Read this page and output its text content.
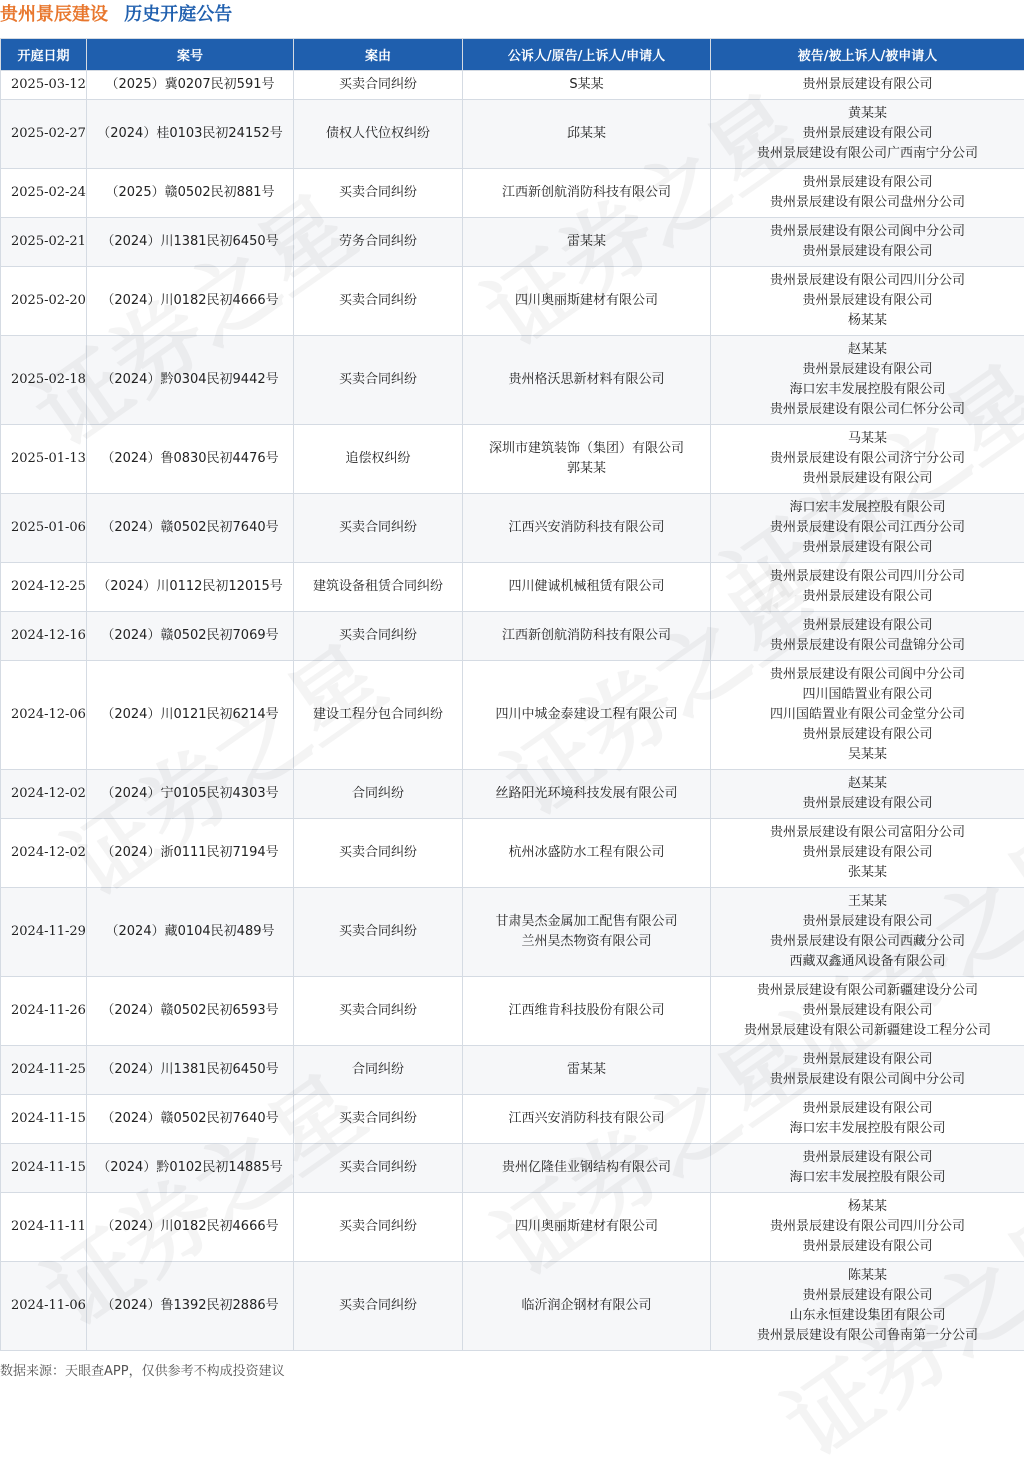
贵州景辰建设 历史开庭公告
开庭日期	案号	案由	公诉人/原告/上诉人/申请人	被告/被上诉人/被申请人
2025-03-12	（2025）冀0207民初591号	买卖合同纠纷	S某某	贵州景辰建设有限公司

2025-02-27	（2024）桂0103民初24152号	债权人代位权纠纷	邱某某	黄某某
贵州景辰建设有限公司
贵州景辰建设有限公司广西南宁分公司

2025-02-24	（2025）赣0502民初881号	买卖合同纠纷	江西新创航消防科技有限公司	贵州景辰建设有限公司
贵州景辰建设有限公司盘州分公司

2025-02-21	（2024）川1381民初6450号	劳务合同纠纷	雷某某	贵州景辰建设有限公司阆中分公司
贵州景辰建设有限公司

2025-02-20	（2024）川0182民初4666号	买卖合同纠纷	四川奥丽斯建材有限公司	贵州景辰建设有限公司四川分公司
贵州景辰建设有限公司
杨某某

2025-02-18	（2024）黔0304民初9442号	买卖合同纠纷	贵州格沃思新材料有限公司	赵某某
贵州景辰建设有限公司
海口宏丰发展控股有限公司
贵州景辰建设有限公司仁怀分公司

2025-01-13	（2024）鲁0830民初4476号	追偿权纠纷	深圳市建筑装饰（集团）有限公司
郭某某	马某某
贵州景辰建设有限公司济宁分公司
贵州景辰建设有限公司

2025-01-06	（2024）赣0502民初7640号	买卖合同纠纷	江西兴安消防科技有限公司	海口宏丰发展控股有限公司
贵州景辰建设有限公司江西分公司
贵州景辰建设有限公司

2024-12-25	（2024）川0112民初12015号	建筑设备租赁合同纠纷	四川健诚机械租赁有限公司	贵州景辰建设有限公司四川分公司
贵州景辰建设有限公司

2024-12-16	（2024）赣0502民初7069号	买卖合同纠纷	江西新创航消防科技有限公司	贵州景辰建设有限公司
贵州景辰建设有限公司盘锦分公司

2024-12-06	（2024）川0121民初6214号	建设工程分包合同纠纷	四川中城金泰建设工程有限公司	贵州景辰建设有限公司阆中分公司
四川国皓置业有限公司
四川国皓置业有限公司金堂分公司
贵州景辰建设有限公司
吴某某

2024-12-02	（2024）宁0105民初4303号	合同纠纷	丝路阳光环境科技发展有限公司	赵某某
贵州景辰建设有限公司

2024-12-02	（2024）浙0111民初7194号	买卖合同纠纷	杭州冰盛防水工程有限公司	贵州景辰建设有限公司富阳分公司
贵州景辰建设有限公司
张某某

2024-11-29	（2024）藏0104民初489号	买卖合同纠纷	甘肃昊杰金属加工配售有限公司
兰州昊杰物资有限公司	王某某
贵州景辰建设有限公司
贵州景辰建设有限公司西藏分公司
西藏双鑫通风设备有限公司

2024-11-26	（2024）赣0502民初6593号	买卖合同纠纷	江西维肯科技股份有限公司	贵州景辰建设有限公司新疆建设分公司
贵州景辰建设有限公司
贵州景辰建设有限公司新疆建设工程分公司

2024-11-25	（2024）川1381民初6450号	合同纠纷	雷某某	贵州景辰建设有限公司
贵州景辰建设有限公司阆中分公司

2024-11-15	（2024）赣0502民初7640号	买卖合同纠纷	江西兴安消防科技有限公司	贵州景辰建设有限公司
海口宏丰发展控股有限公司

2024-11-15	（2024）黔0102民初14885号	买卖合同纠纷	贵州亿隆佳业钢结构有限公司	贵州景辰建设有限公司
海口宏丰发展控股有限公司

2024-11-11	（2024）川0182民初4666号	买卖合同纠纷	四川奥丽斯建材有限公司	杨某某
贵州景辰建设有限公司四川分公司
贵州景辰建设有限公司

2024-11-06	（2024）鲁1392民初2886号	买卖合同纠纷	临沂润企钢材有限公司	陈某某
贵州景辰建设有限公司
山东永恒建设集团有限公司
贵州景辰建设有限公司鲁南第一分公司
数据来源：天眼查APP，仅供参考不构成投资建议
